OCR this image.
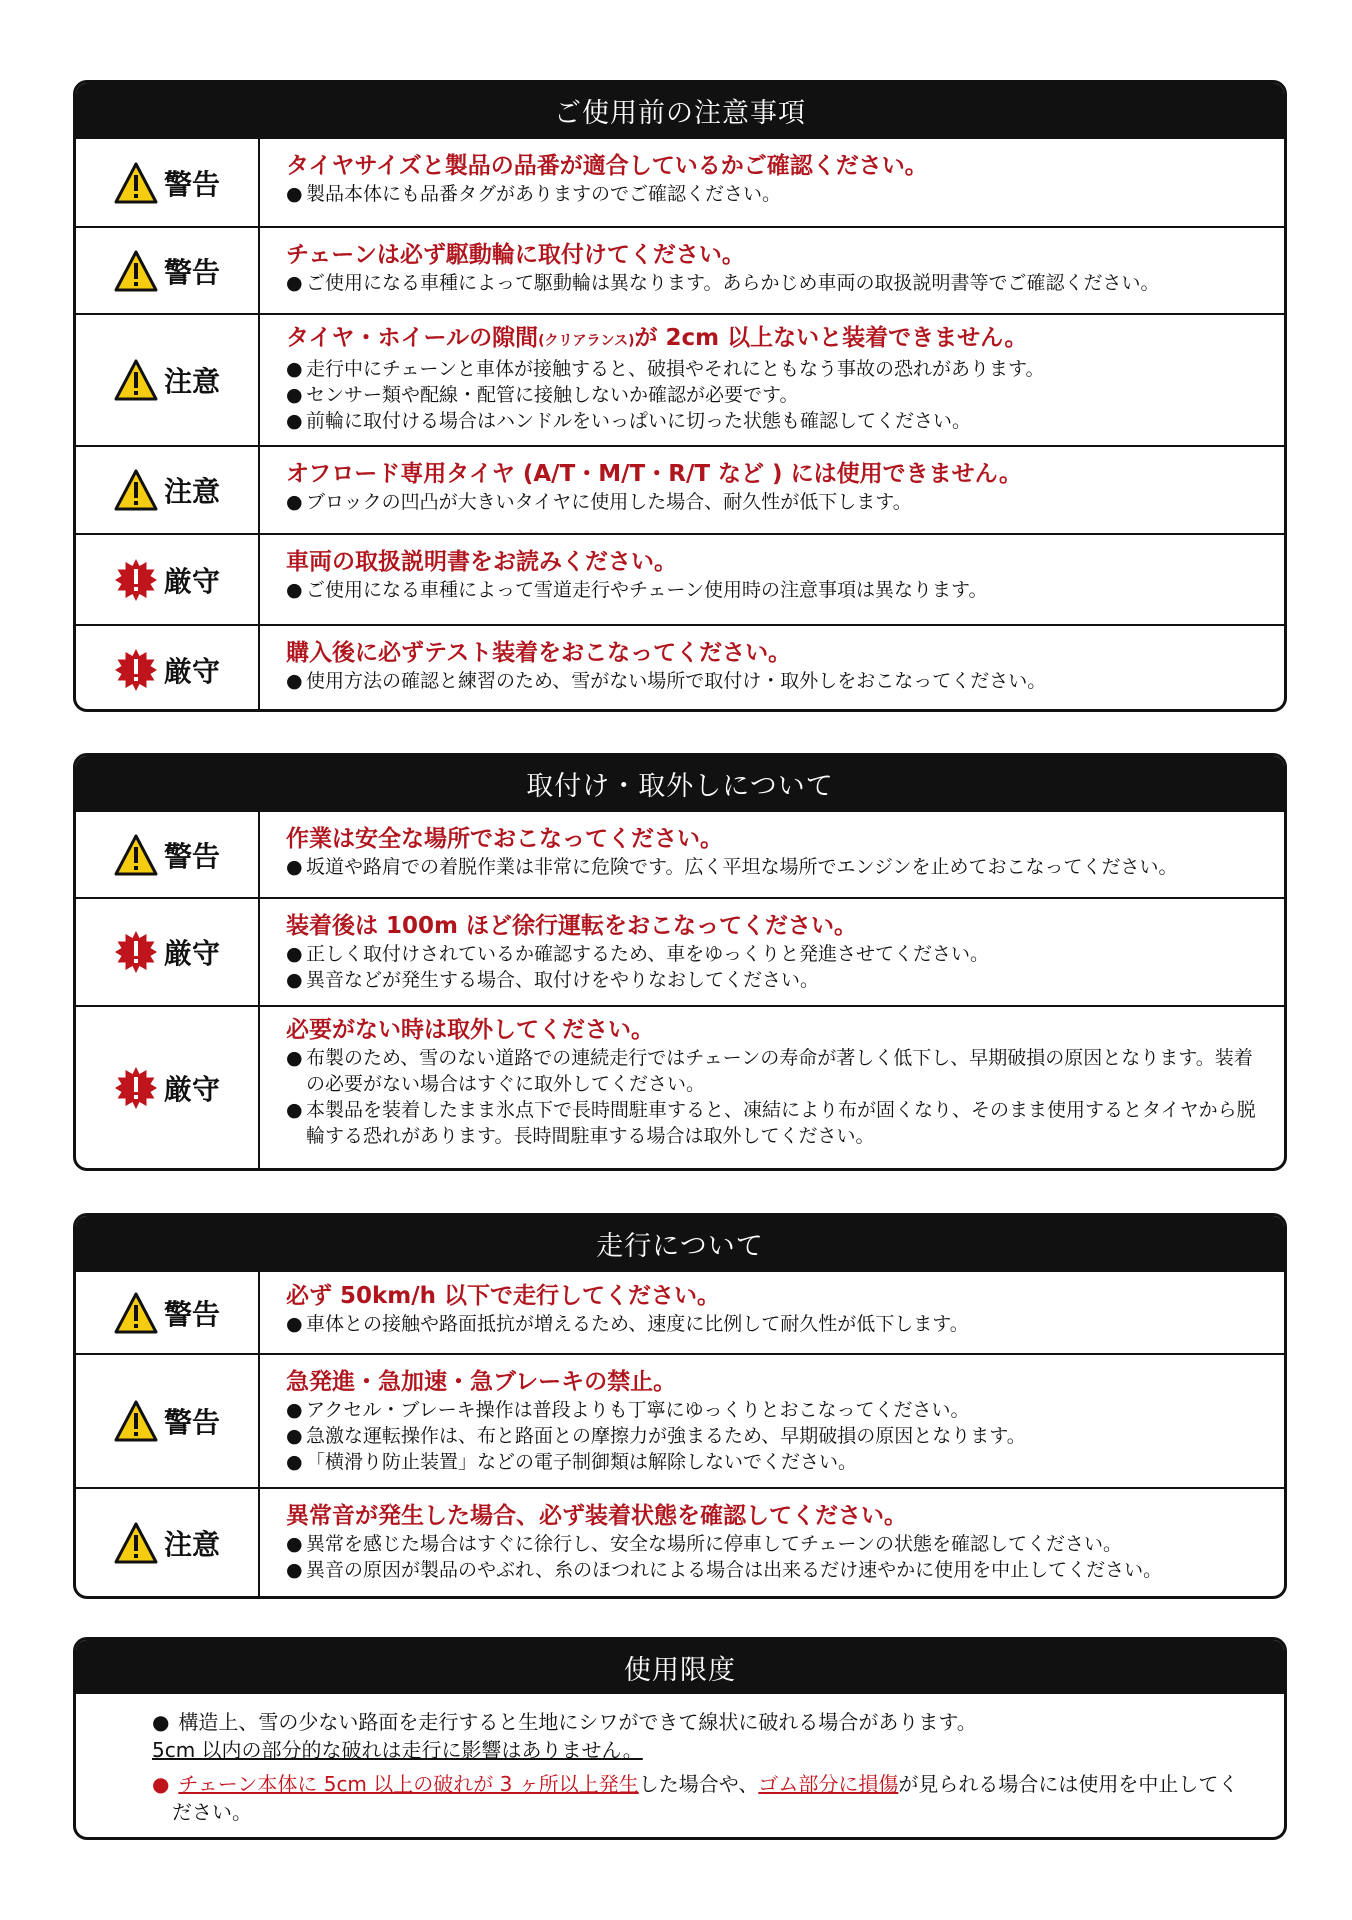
ご使用前の注意事項
警告
タイヤサイズと製品の品番が適合しているかご確認ください。
● 製品本体にも品番タグがありますのでご確認ください。
警告
チェーンは必ず駆動輪に取付けてください。
● ご使用になる車種によって駆動輪は異なります。あらかじめ車両の取扱説明書等でご確認ください。
注意
タイヤ・ホイールの隙間(クリアランス)が 2cm 以上ないと装着できません。
● 走行中にチェーンと車体が接触すると、破損やそれにともなう事故の恐れがあります。
● センサー類や配線・配管に接触しないか確認が必要です。
● 前輪に取付ける場合はハンドルをいっぱいに切った状態も確認してください。
注意
オフロード専用タイヤ (A/T・M/T・R/T など ) には使用できません。
● ブロックの凹凸が大きいタイヤに使用した場合、耐久性が低下します。
厳守
車両の取扱説明書をお読みください。
● ご使用になる車種によって雪道走行やチェーン使用時の注意事項は異なります。
厳守
購入後に必ずテスト装着をおこなってください。
● 使用方法の確認と練習のため、雪がない場所で取付け・取外しをおこなってください。
取付け・取外しについて
警告
作業は安全な場所でおこなってください。
● 坂道や路肩での着脱作業は非常に危険です。広く平坦な場所でエンジンを止めておこなってください。
厳守
装着後は 100m ほど徐行運転をおこなってください。
● 正しく取付けされているか確認するため、車をゆっくりと発進させてください。
● 異音などが発生する場合、取付けをやりなおしてください。
厳守
必要がない時は取外してください。
● 布製のため、雪のない道路での連続走行ではチェーンの寿命が著しく低下し、早期破損の原因となります。装着の必要がない場合はすぐに取外してください。
● 本製品を装着したまま氷点下で長時間駐車すると、凍結により布が固くなり、そのまま使用するとタイヤから脱輪する恐れがあります。長時間駐車する場合は取外してください。
走行について
警告
必ず 50km/h 以下で走行してください。
● 車体との接触や路面抵抗が増えるため、速度に比例して耐久性が低下します。
警告
急発進・急加速・急ブレーキの禁止。
● アクセル・ブレーキ操作は普段よりも丁寧にゆっくりとおこなってください。
● 急激な運転操作は、布と路面との摩擦力が強まるため、早期破損の原因となります。
● 「横滑り防止装置」などの電子制御類は解除しないでください。
注意
異常音が発生した場合、必ず装着状態を確認してください。
● 異常を感じた場合はすぐに徐行し、安全な場所に停車してチェーンの状態を確認してください。
● 異音の原因が製品のやぶれ、糸のほつれによる場合は出来るだけ速やかに使用を中止してください。
使用限度
● 構造上、雪の少ない路面を走行すると生地にシワができて線状に破れる場合があります。
5cm 以内の部分的な破れは走行に影響はありません。
● チェーン本体に 5cm 以上の破れが 3 ヶ所以上発生した場合や、ゴム部分に損傷が見られる場合には使用を中止してください。
